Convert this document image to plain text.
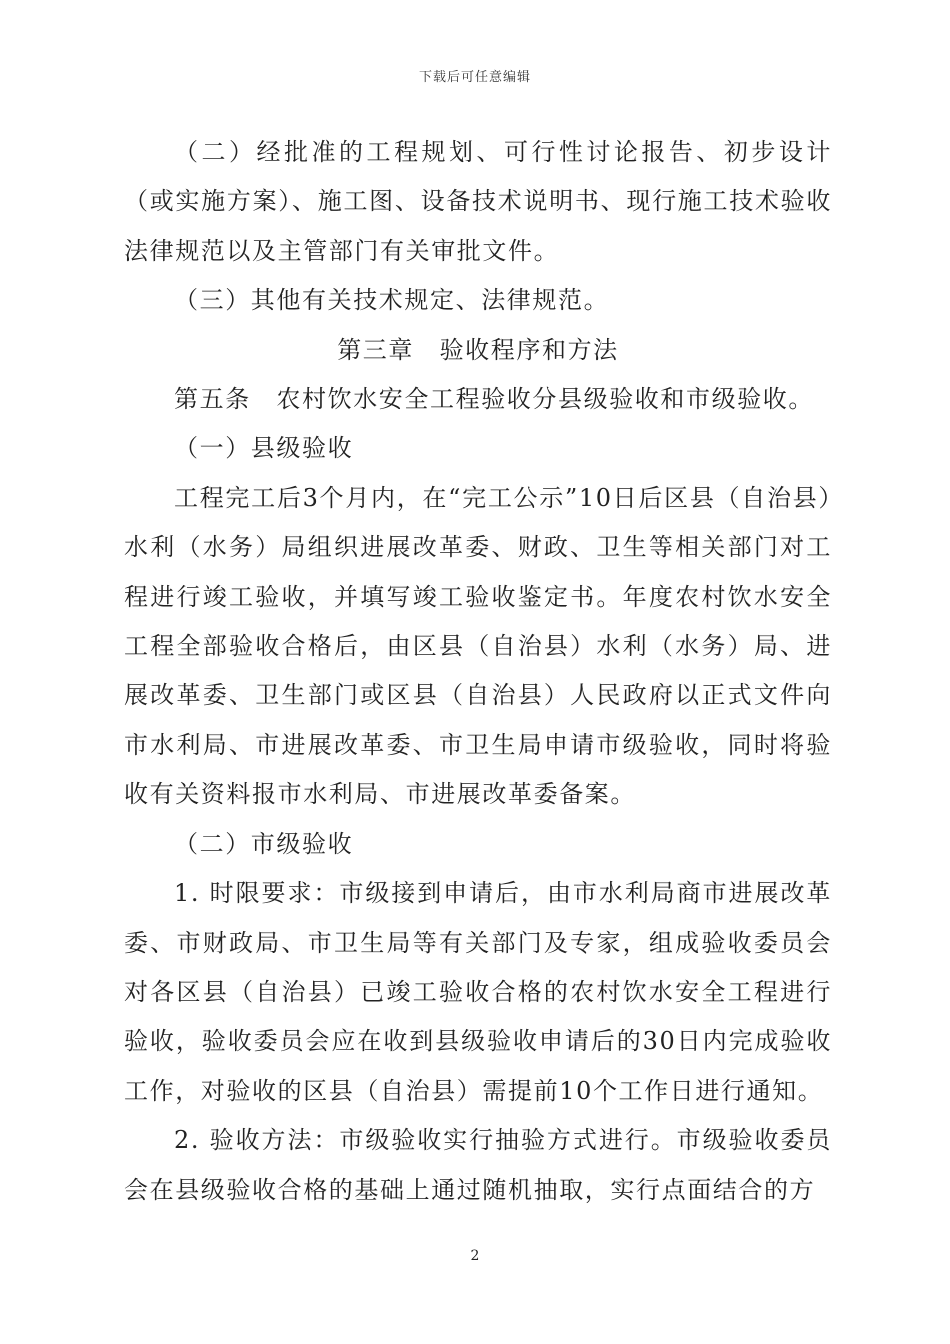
下载后可任意编辑

（二）经批准的工程规划、可行性讨论报告、初步设计（或实施方案）、施工图、设备技术说明书、现行施工技术验收法律规范以及主管部门有关审批文件。

（三）其他有关技术规定、法律规范。

第三章　验收程序和方法

第五条　农村饮水安全工程验收分县级验收和市级验收。

（一）县级验收

工程完工后3个月内，在“完工公示”10日后区县（自治县）水利（水务）局组织进展改革委、财政、卫生等相关部门对工程进行竣工验收，并填写竣工验收鉴定书。年度农村饮水安全工程全部验收合格后，由区县（自治县）水利（水务）局、进展改革委、卫生部门或区县（自治县）人民政府以正式文件向市水利局、市进展改革委、市卫生局申请市级验收，同时将验收有关资料报市水利局、市进展改革委备案。

（二）市级验收

1. 时限要求：市级接到申请后，由市水利局商市进展改革委、市财政局、市卫生局等有关部门及专家，组成验收委员会对各区县（自治县）已竣工验收合格的农村饮水安全工程进行验收，验收委员会应在收到县级验收申请后的30日内完成验收工作，对验收的区县（自治县）需提前10个工作日进行通知。

2. 验收方法：市级验收实行抽验方式进行。市级验收委员会在县级验收合格的基础上通过随机抽取，实行点面结合的方

2
